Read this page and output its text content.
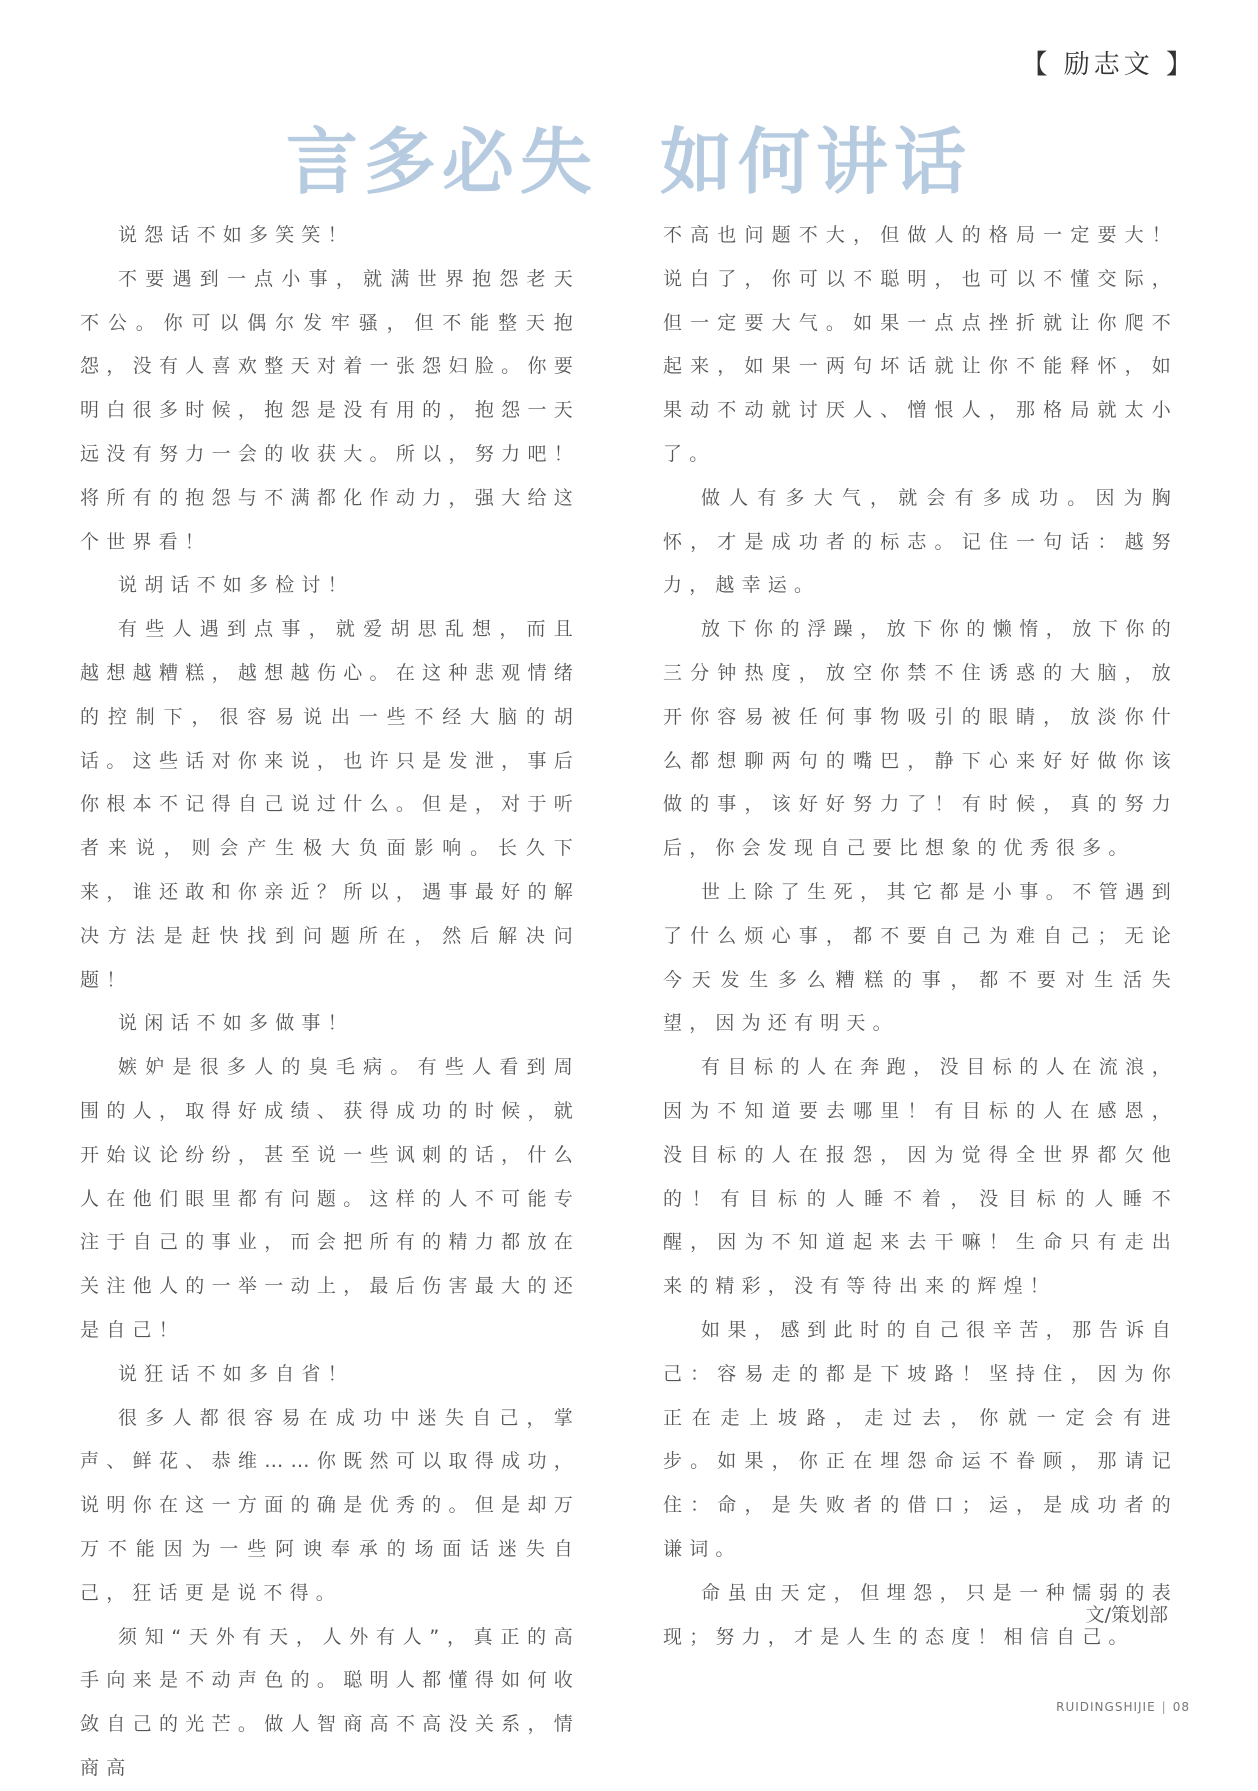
【 励志文 】
言多必失  如何讲话

说怨话不如多笑笑！

不要遇到一点小事，就满世界抱怨老天不公。你可以偶尔发牢骚，但不能整天抱怨，没有人喜欢整天对着一张怨妇脸。你要明白很多时候，抱怨是没有用的，抱怨一天远没有努力一会的收获大。所以，努力吧！将所有的抱怨与不满都化作动力，强大给这个世界看！

说胡话不如多检讨！

有些人遇到点事，就爱胡思乱想，而且越想越糟糕，越想越伤心。在这种悲观情绪的控制下，很容易说出一些不经大脑的胡话。这些话对你来说，也许只是发泄，事后你根本不记得自己说过什么。但是，对于听者来说，则会产生极大负面影响。长久下来，谁还敢和你亲近？所以，遇事最好的解决方法是赶快找到问题所在，然后解决问题！

说闲话不如多做事！

嫉妒是很多人的臭毛病。有些人看到周围的人，取得好成绩、获得成功的时候，就开始议论纷纷，甚至说一些讽刺的话，什么人在他们眼里都有问题。这样的人不可能专注于自己的事业，而会把所有的精力都放在关注他人的一举一动上，最后伤害最大的还是自己！

说狂话不如多自省！

很多人都很容易在成功中迷失自己，掌声、鲜花、恭维……你既然可以取得成功，说明你在这一方面的确是优秀的。但是却万万不能因为一些阿谀奉承的场面话迷失自己，狂话更是说不得。

须知“天外有天，人外有人”，真正的高手向来是不动声色的。聪明人都懂得如何收敛自己的光芒。做人智商高不高没关系，情商高

不高也问题不大，但做人的格局一定要大！说白了，你可以不聪明，也可以不懂交际，但一定要大气。如果一点点挫折就让你爬不起来，如果一两句坏话就让你不能释怀，如果动不动就讨厌人、憎恨人，那格局就太小了。

做人有多大气，就会有多成功。因为胸怀，才是成功者的标志。记住一句话：越努力，越幸运。

放下你的浮躁，放下你的懒惰，放下你的三分钟热度，放空你禁不住诱惑的大脑，放开你容易被任何事物吸引的眼睛，放淡你什么都想聊两句的嘴巴，静下心来好好做你该做的事，该好好努力了！有时候，真的努力后，你会发现自己要比想象的优秀很多。

世上除了生死，其它都是小事。不管遇到了什么烦心事，都不要自己为难自己；无论今天发生多么糟糕的事，都不要对生活失望，因为还有明天。

有目标的人在奔跑，没目标的人在流浪，因为不知道要去哪里！有目标的人在感恩，没目标的人在报怨，因为觉得全世界都欠他的！有目标的人睡不着，没目标的人睡不醒，因为不知道起来去干嘛！生命只有走出来的精彩，没有等待出来的辉煌！

如果，感到此时的自己很辛苦，那告诉自己：容易走的都是下坡路！坚持住，因为你正在走上坡路，走过去，你就一定会有进步。如果，你正在埋怨命运不眷顾，那请记住：命，是失败者的借口；运，是成功者的谦词。

命虽由天定，但埋怨，只是一种懦弱的表现；努力，才是人生的态度！相信自己。

文/策划部
RUIDINGSHIJIE | 08
